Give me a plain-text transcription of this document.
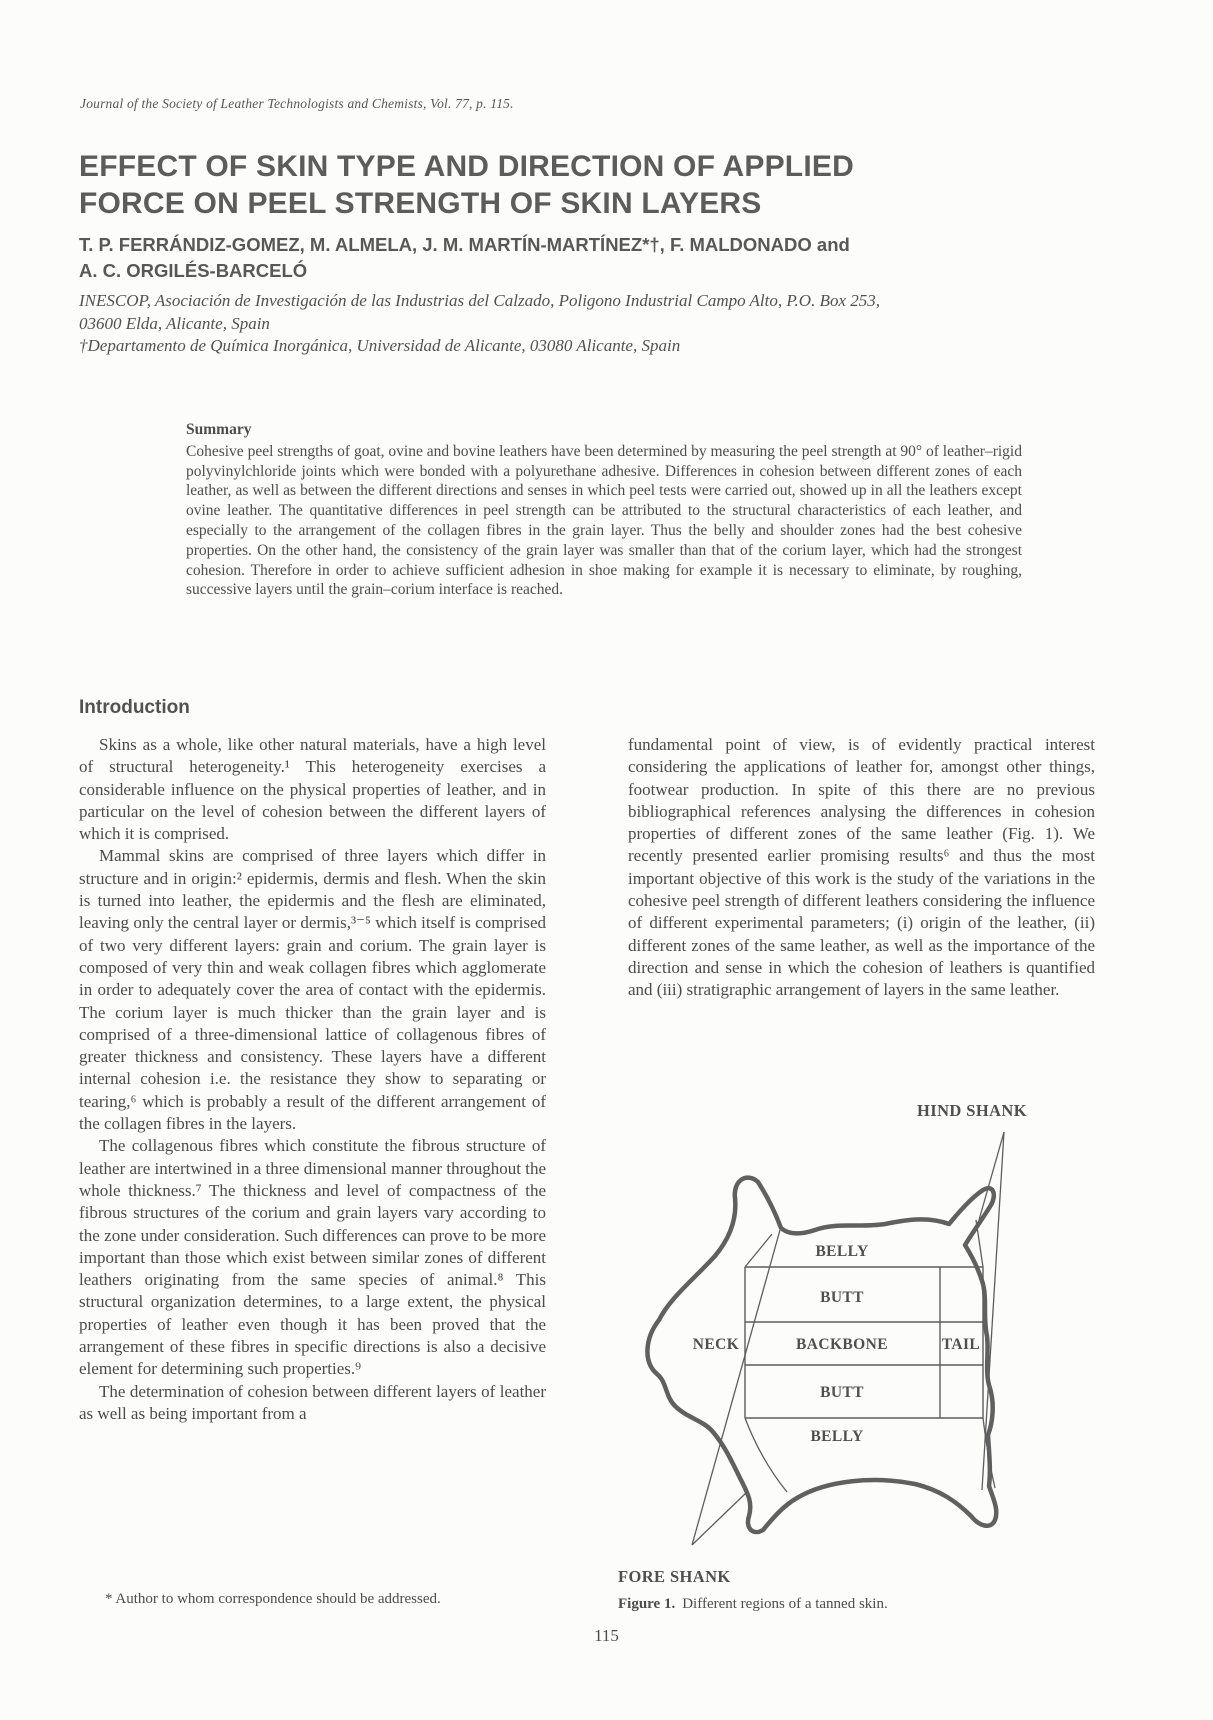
Journal of the Society of Leather Technologists and Chemists, Vol. 77, p. 115.
EFFECT OF SKIN TYPE AND DIRECTION OF APPLIED
FORCE ON PEEL STRENGTH OF SKIN LAYERS
T. P. FERRÁNDIZ-GOMEZ, M. ALMELA, J. M. MARTÍN-MARTÍNEZ*†, F. MALDONADO and
A. C. ORGILÉS-BARCELÓ
INESCOP, Asociación de Investigación de las Industrias del Calzado, Poligono Industrial Campo Alto, P.O. Box 253,
03600 Elda, Alicante, Spain
†Departamento de Química Inorgánica, Universidad de Alicante, 03080 Alicante, Spain
Summary
Cohesive peel strengths of goat, ovine and bovine leathers have been determined by measuring the peel strength at 90° of leather–rigid polyvinylchloride joints which were bonded with a polyurethane adhesive. Differences in cohesion between different zones of each leather, as well as between the different directions and senses in which peel tests were carried out, showed up in all the leathers except ovine leather. The quantitative differences in peel strength can be attributed to the structural characteristics of each leather, and especially to the arrangement of the collagen fibres in the grain layer. Thus the belly and shoulder zones had the best cohesive properties. On the other hand, the consistency of the grain layer was smaller than that of the corium layer, which had the strongest cohesion. Therefore in order to achieve sufficient adhesion in shoe making for example it is necessary to eliminate, by roughing, successive layers until the grain–corium interface is reached.
Introduction

Skins as a whole, like other natural materials, have a high level of structural heterogeneity.¹ This heterogeneity exercises a considerable influence on the physical properties of leather, and in particular on the level of cohesion between the different layers of which it is comprised.

Mammal skins are comprised of three layers which differ in structure and in origin:² epidermis, dermis and flesh. When the skin is turned into leather, the epidermis and the flesh are eliminated, leaving only the central layer or dermis,³⁻⁵ which itself is comprised of two very different layers: grain and corium. The grain layer is composed of very thin and weak collagen fibres which agglomerate in order to adequately cover the area of contact with the epidermis. The corium layer is much thicker than the grain layer and is comprised of a three-dimensional lattice of collagenous fibres of greater thickness and consistency. These layers have a different internal cohesion i.e. the resistance they show to separating or tearing,⁶ which is probably a result of the different arrangement of the collagen fibres in the layers.

The collagenous fibres which constitute the fibrous structure of leather are intertwined in a three dimensional manner throughout the whole thickness.⁷ The thickness and level of compactness of the fibrous structures of the corium and grain layers vary according to the zone under consideration. Such differences can prove to be more important than those which exist between similar zones of different leathers originating from the same species of animal.⁸ This structural organization determines, to a large extent, the physical properties of leather even though it has been proved that the arrangement of these fibres in specific directions is also a decisive element for determining such properties.⁹

The determination of cohesion between different layers of leather as well as being important from a

fundamental point of view, is of evidently practical interest considering the applications of leather for, amongst other things, footwear production. In spite of this there are no previous bibliographical references analysing the differences in cohesion properties of different zones of the same leather (Fig. 1). We recently presented earlier promising results⁶ and thus the most important objective of this work is the study of the variations in the cohesive peel strength of different leathers considering the influence of different experimental parameters; (i) origin of the leather, (ii) different zones of the same leather, as well as the importance of the direction and sense in which the cohesion of leathers is quantified and (iii) stratigraphic arrangement of layers in the same leather.

HIND SHANK
BELLY
BUTT
NECK	BACKBONE	TAIL
BUTT
BELLY
FORE SHANK
Figure 1. Different regions of a tanned skin.
* Author to whom correspondence should be addressed.
115
